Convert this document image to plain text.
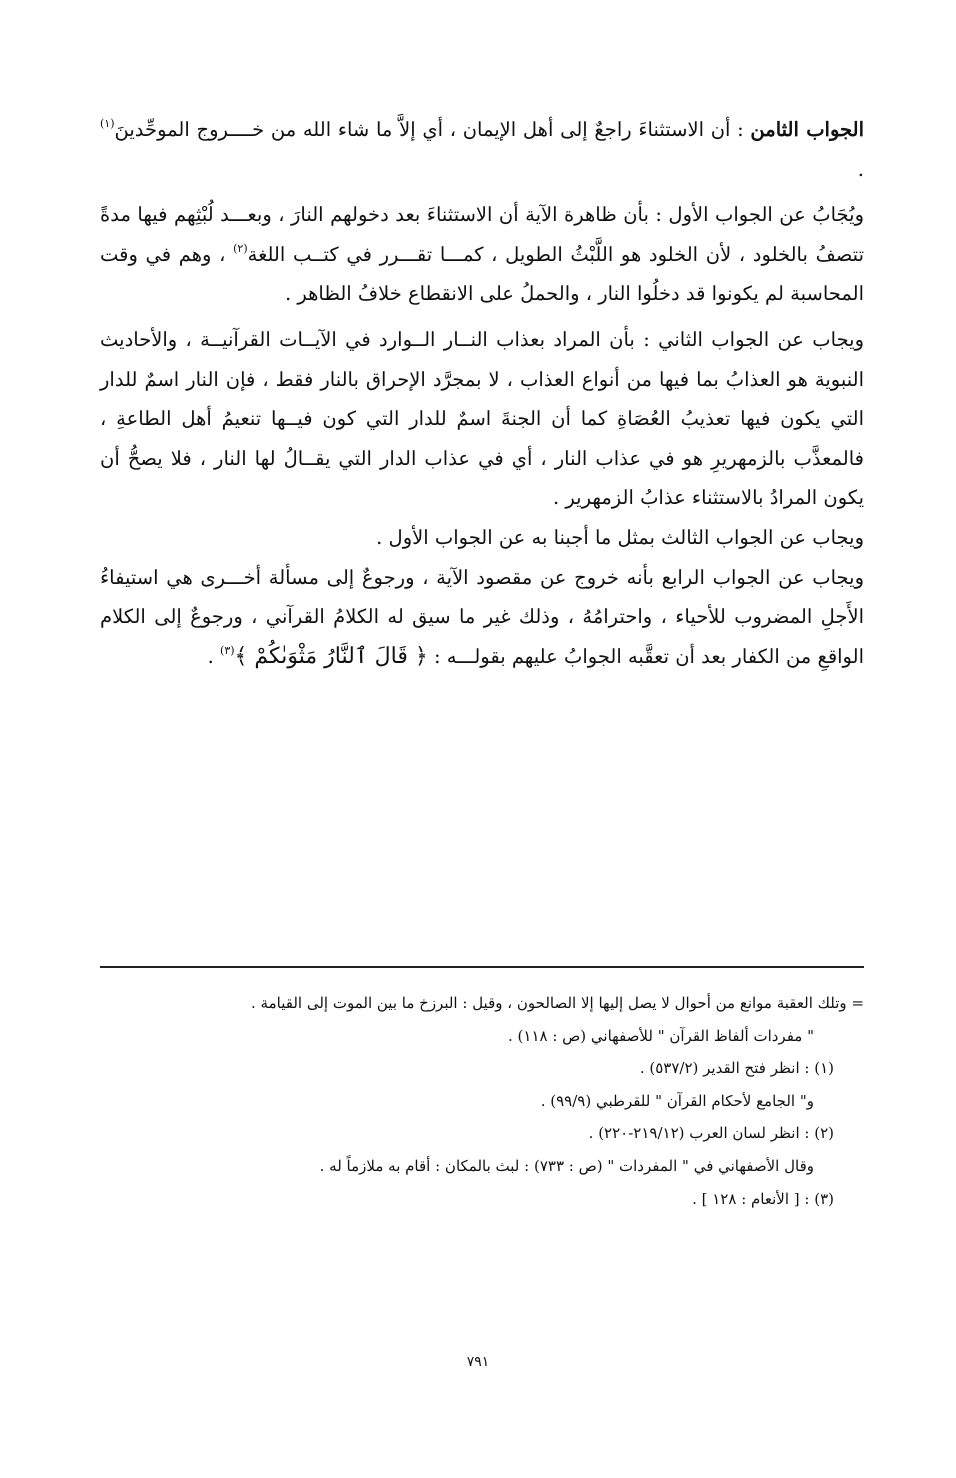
الجواب الثامن : أن الاستثناءَ راجعٌ إلى أهل الإيمان ، أي إلاَّ ما شاء الله من خــــروج الموحِّدينَ$^{(١)}$ .

ويُجَابُ عن الجواب الأول : بأن ظاهرة الآية أن الاستثناءَ بعد دخولهم النارَ ، وبعـــد لُبْثِهم فيها مدةً تتصفُ بالخلود ، لأن الخلود هو اللَّبْثُ الطويل ، كمـــا تقـــرر في كتــب اللغة$^{(٢)}$ ، وهم في وقت المحاسبة لم يكونوا قد دخلُوا النار ، والحملُ على الانقطاع خلافُ الظاهر .

ويجاب عن الجواب الثاني : بأن المراد بعذاب النــار الــوارد في الآيــات القرآنيــة ، والأحاديث النبوية هو العذابُ بما فيها من أنواع العذاب ، لا بمجرَّد الإحراق بالنار فقط ، فإن النار اسمٌ للدار التي يكون فيها تعذيبُ العُصَاةِ كما أن الجنةَ اسمٌ للدار التي كون فيــها تنعيمُ أهل الطاعةِ ، فالمعذَّب بالزمهريرِ هو في عذاب النار ، أي في عذاب الدار التي يقــالُ لها النار ، فلا يصحُّ أن يكون المرادُ بالاستثناء عذابُ الزمهرير .

ويجاب عن الجواب الثالث بمثل ما أجبنا به عن الجواب الأول .

ويجاب عن الجواب الرابع بأنه خروج عن مقصود الآية ، ورجوعٌ إلى مسألة أخـــرى هي استيفاءُ الأَجلِ المضروب للأحياء ، واحترامُهُ ، وذلك غير ما سيق له الكلامُ القرآني ، ورجوعٌ إلى الكلام الواقعِ من الكفار بعد أن تعقَّبه الجوابُ عليهم بقولـــه : ﴿ قَالَ ٱلنَّارُ مَثْوَىٰكُمْ ﴾$^{(٣)}$ .

= وتلك العقبة موانع من أحوال لا يصل إليها إلا الصالحون ، وقيل : البرزخ ما بين الموت إلى القيامة .

" مفردات ألفاظ القرآن " للأصفهاني (ص : ١١٨) .

(١) : انظر فتح القدير (٥٣٧/٢) .

و" الجامع لأحكام القرآن " للقرطبي (٩٩/٩) .

(٢) : انظر لسان العرب (٢١٩/١٢-٢٢٠) .

وقال الأصفهاني في " المفردات " (ص : ٧٣٣) : لبث بالمكان : أقام به ملازماً له .

(٣) : [ الأنعام : ١٢٨ ] .

٧٩١
